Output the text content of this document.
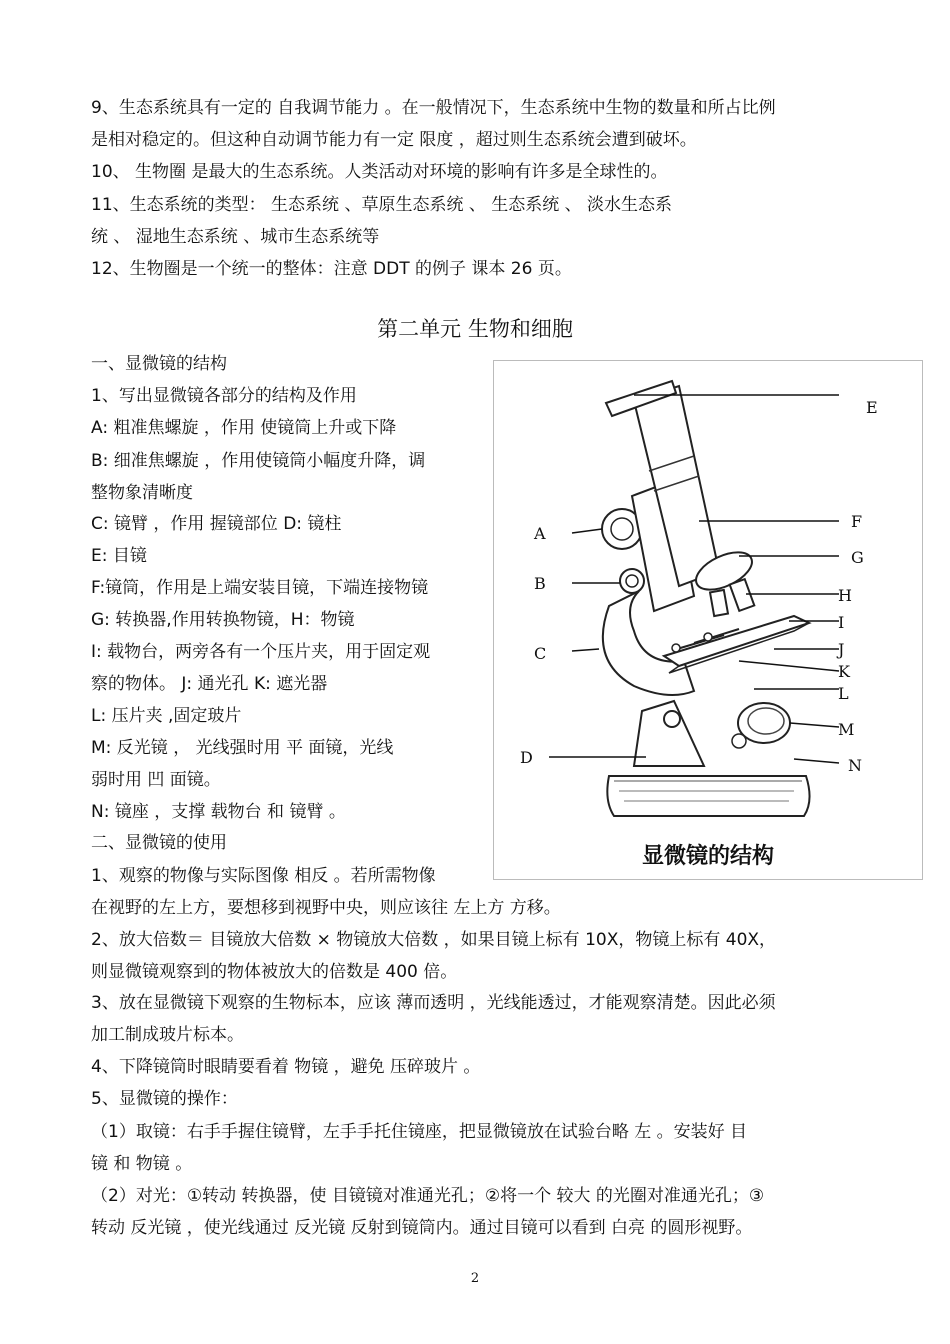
9、生态系统具有一定的 自我调节能力 。在一般情况下，生态系统中生物的数量和所占比例
是相对稳定的。但这种自动调节能力有一定 限度 ，超过则生态系统会遭到破坏。
10、 生物圈 是最大的生态系统。人类活动对环境的影响有许多是全球性的。
11、生态系统的类型： 生态系统 、草原生态系统 、 生态系统 、 淡水生态系
统 、 湿地生态系统 、城市生态系统等
12、生物圈是一个统一的整体：注意 DDT 的例子 课本 26 页。
第二单元 生物和细胞
一、显微镜的结构
1、写出显微镜各部分的结构及作用
A: 粗准焦螺旋 ，作用 使镜筒上升或下降
B: 细准焦螺旋 ，作用使镜筒小幅度升降，调
整物象清晰度
C: 镜臂 ，作用 握镜部位 D: 镜柱
E: 目镜
F:镜筒，作用是上端安装目镜，下端连接物镜
G: 转换器,作用转换物镜，H：物镜
I: 载物台，两旁各有一个压片夹，用于固定观
察的物体。 J: 通光孔 K: 遮光器
L: 压片夹 ,固定玻片
M: 反光镜 ， 光线强时用 平 面镜，光线
弱时用 凹 面镜。
N: 镜座 ，支撑 载物台 和 镜臂 。
二、显微镜的使用
1、观察的物像与实际图像 相反 。若所需物像
E
F
G
H
I
J
K
L
M
N
A
B
C
D
显微镜的结构
在视野的左上方，要想移到视野中央，则应该往 左上方 方移。
2、放大倍数＝ 目镜放大倍数 × 物镜放大倍数 ，如果目镜上标有 10X，物镜上标有 40X，
则显微镜观察到的物体被放大的倍数是 400 倍。
3、放在显微镜下观察的生物标本，应该 薄而透明 ，光线能透过，才能观察清楚。因此必须
加工制成玻片标本。
4、下降镜筒时眼睛要看着 物镜 ，避免 压碎玻片 。
5、显微镜的操作：
（1）取镜：右手手握住镜臂，左手手托住镜座，把显微镜放在试验台略 左 。安装好 目
镜 和 物镜 。
（2）对光：①转动 转换器，使 目镜镜对准通光孔；②将一个 较大 的光圈对准通光孔；③
转动 反光镜 ，使光线通过 反光镜 反射到镜筒内。通过目镜可以看到 白亮 的圆形视野。
2
